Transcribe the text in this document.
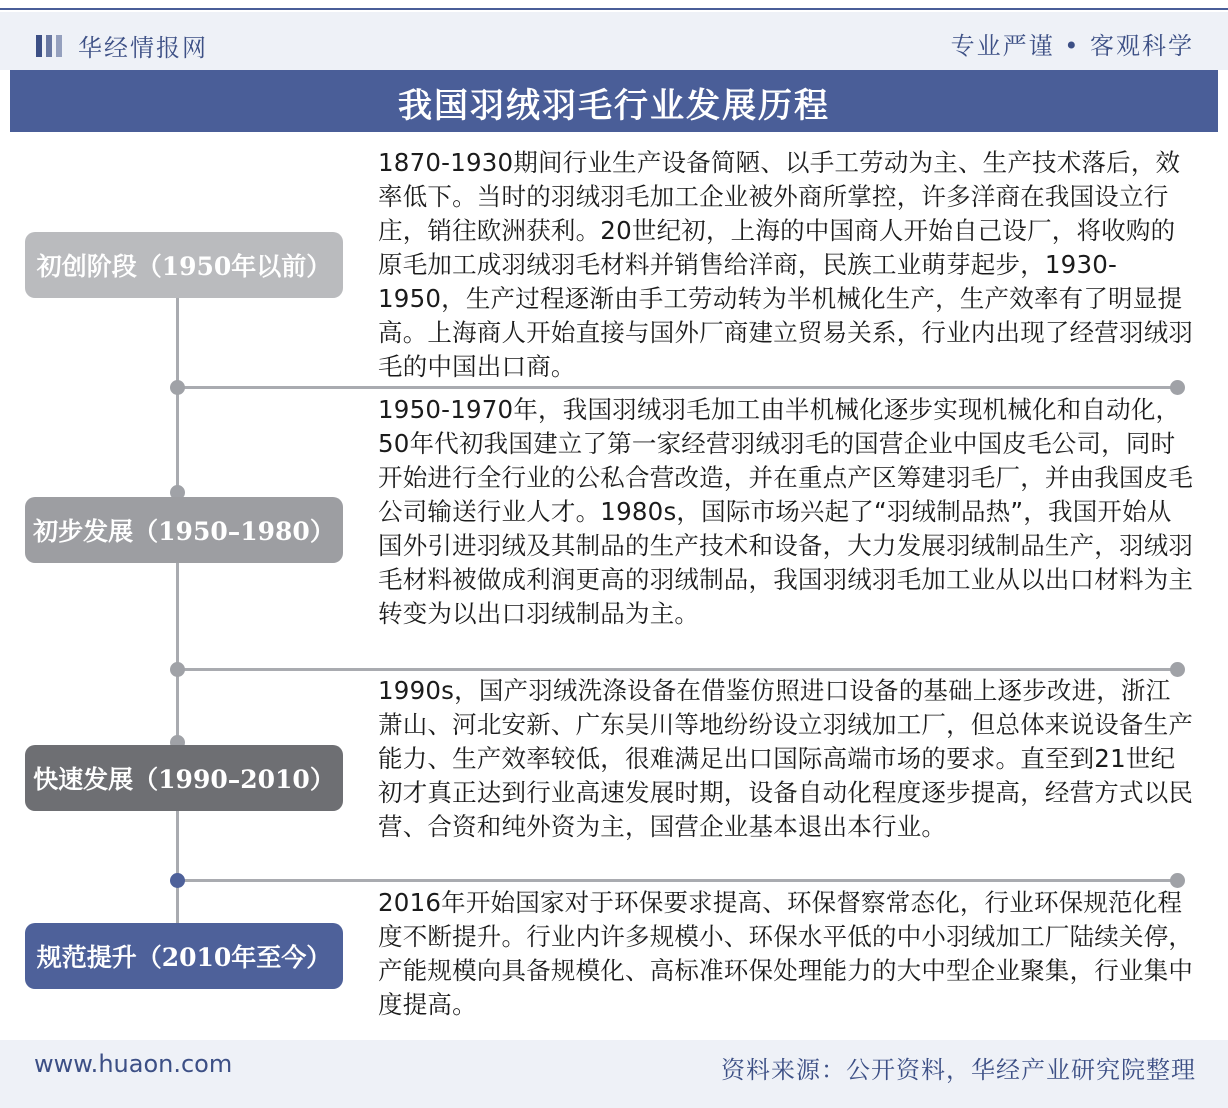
华经情报网	专业严谨 • 客观科学
我国羽绒羽毛行业发展历程
初创阶段（1950年以前）
初步发展（1950–1980）
快速发展（1990–2010）
规范提升（2010年至今）
1870-1930期间行业生产设备简陋、以手工劳动为主、生产技术落后，效率低下。当时的羽绒羽毛加工企业被外商所掌控，许多洋商在我国设立行庄，销往欧洲获利。20世纪初，上海的中国商人开始自己设厂，将收购的原毛加工成羽绒羽毛材料并销售给洋商，民族工业萌芽起步，1930-1950，生产过程逐渐由手工劳动转为半机械化生产，生产效率有了明显提高。上海商人开始直接与国外厂商建立贸易关系，行业内出现了经营羽绒羽毛的中国出口商。
1950-1970年，我国羽绒羽毛加工由半机械化逐步实现机械化和自动化，50年代初我国建立了第一家经营羽绒羽毛的国营企业中国皮毛公司，同时开始进行全行业的公私合营改造，并在重点产区筹建羽毛厂，并由我国皮毛公司输送行业人才。1980s，国际市场兴起了“羽绒制品热”，我国开始从国外引进羽绒及其制品的生产技术和设备，大力发展羽绒制品生产，羽绒羽毛材料被做成利润更高的羽绒制品，我国羽绒羽毛加工业从以出口材料为主转变为以出口羽绒制品为主。
1990s，国产羽绒洗涤设备在借鉴仿照进口设备的基础上逐步改进，浙江萧山、河北安新、广东吴川等地纷纷设立羽绒加工厂，但总体来说设备生产能力、生产效率较低，很难满足出口国际高端市场的要求。直至到21世纪初才真正达到行业高速发展时期，设备自动化程度逐步提高，经营方式以民营、合资和纯外资为主，国营企业基本退出本行业。
2016年开始国家对于环保要求提高、环保督察常态化，行业环保规范化程度不断提升。行业内许多规模小、环保水平低的中小羽绒加工厂陆续关停，产能规模向具备规模化、高标准环保处理能力的大中型企业聚集，行业集中度提高。
www.huaon.com	资料来源：公开资料，华经产业研究院整理
